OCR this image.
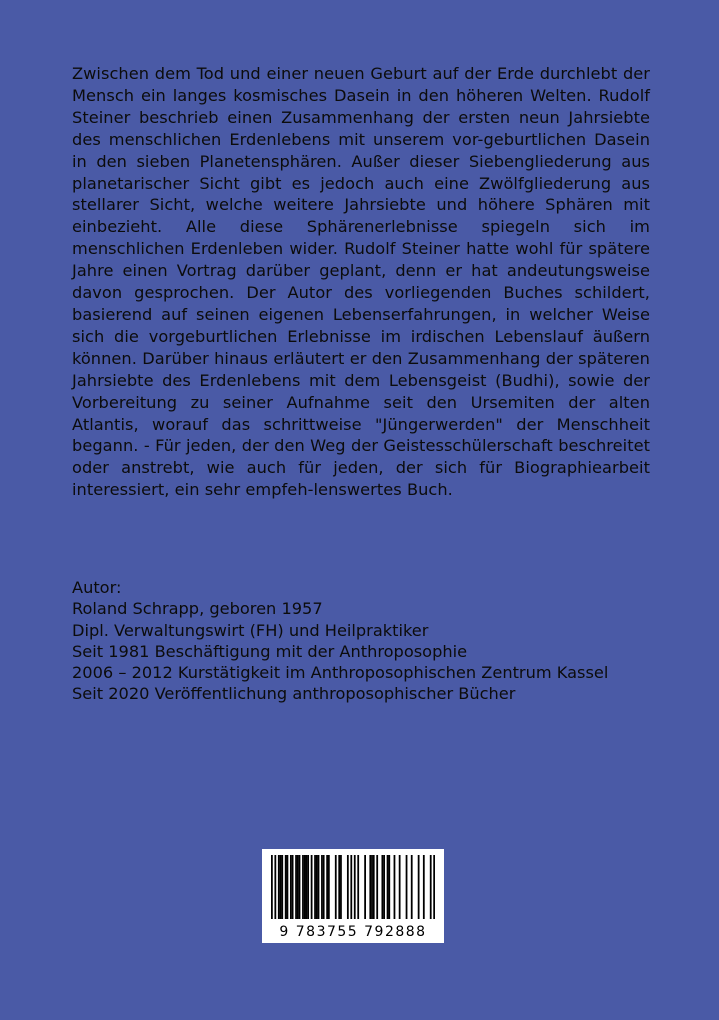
Zwischen dem Tod und einer neuen Geburt auf der Erde durchlebt der Mensch ein langes kosmisches Dasein in den höheren Welten. Rudolf Steiner beschrieb einen Zusammenhang der ersten neun Jahrsiebte des menschlichen Erdenlebens mit unserem vor-geburtlichen Dasein in den sieben Planetensphären. Außer dieser Siebengliederung aus planetarischer Sicht gibt es jedoch auch eine Zwölfgliederung aus stellarer Sicht, welche weitere Jahrsiebte und höhere Sphären mit einbezieht. Alle diese Sphärenerlebnisse spiegeln sich im menschlichen Erdenleben wider. Rudolf Steiner hatte wohl für spätere Jahre einen Vortrag darüber geplant, denn er hat andeutungsweise davon gesprochen. Der Autor des vorliegenden Buches schildert, basierend auf seinen eigenen Lebenserfahrungen, in welcher Weise sich die vorgeburtlichen Erlebnisse im irdischen Lebenslauf äußern können. Darüber hinaus erläutert er den Zusammenhang der späteren Jahrsiebte des Erdenlebens mit dem Lebensgeist (Budhi), sowie der Vorbereitung zu seiner Aufnahme seit den Ursemiten der alten Atlantis, worauf das schrittweise "Jüngerwerden" der Menschheit begann. - Für jeden, der den Weg der Geistesschülerschaft beschreitet oder anstrebt, wie auch für jeden, der sich für Biographiearbeit interessiert, ein sehr empfeh-lenswertes Buch.

Autor:
Roland Schrapp, geboren 1957
Dipl. Verwaltungswirt (FH) und Heilpraktiker
Seit 1981 Beschäftigung mit der Anthroposophie
2006 – 2012 Kurstätigkeit im Anthroposophischen Zentrum Kassel
Seit 2020 Veröffentlichung anthroposophischer Bücher
9 783755 792888
